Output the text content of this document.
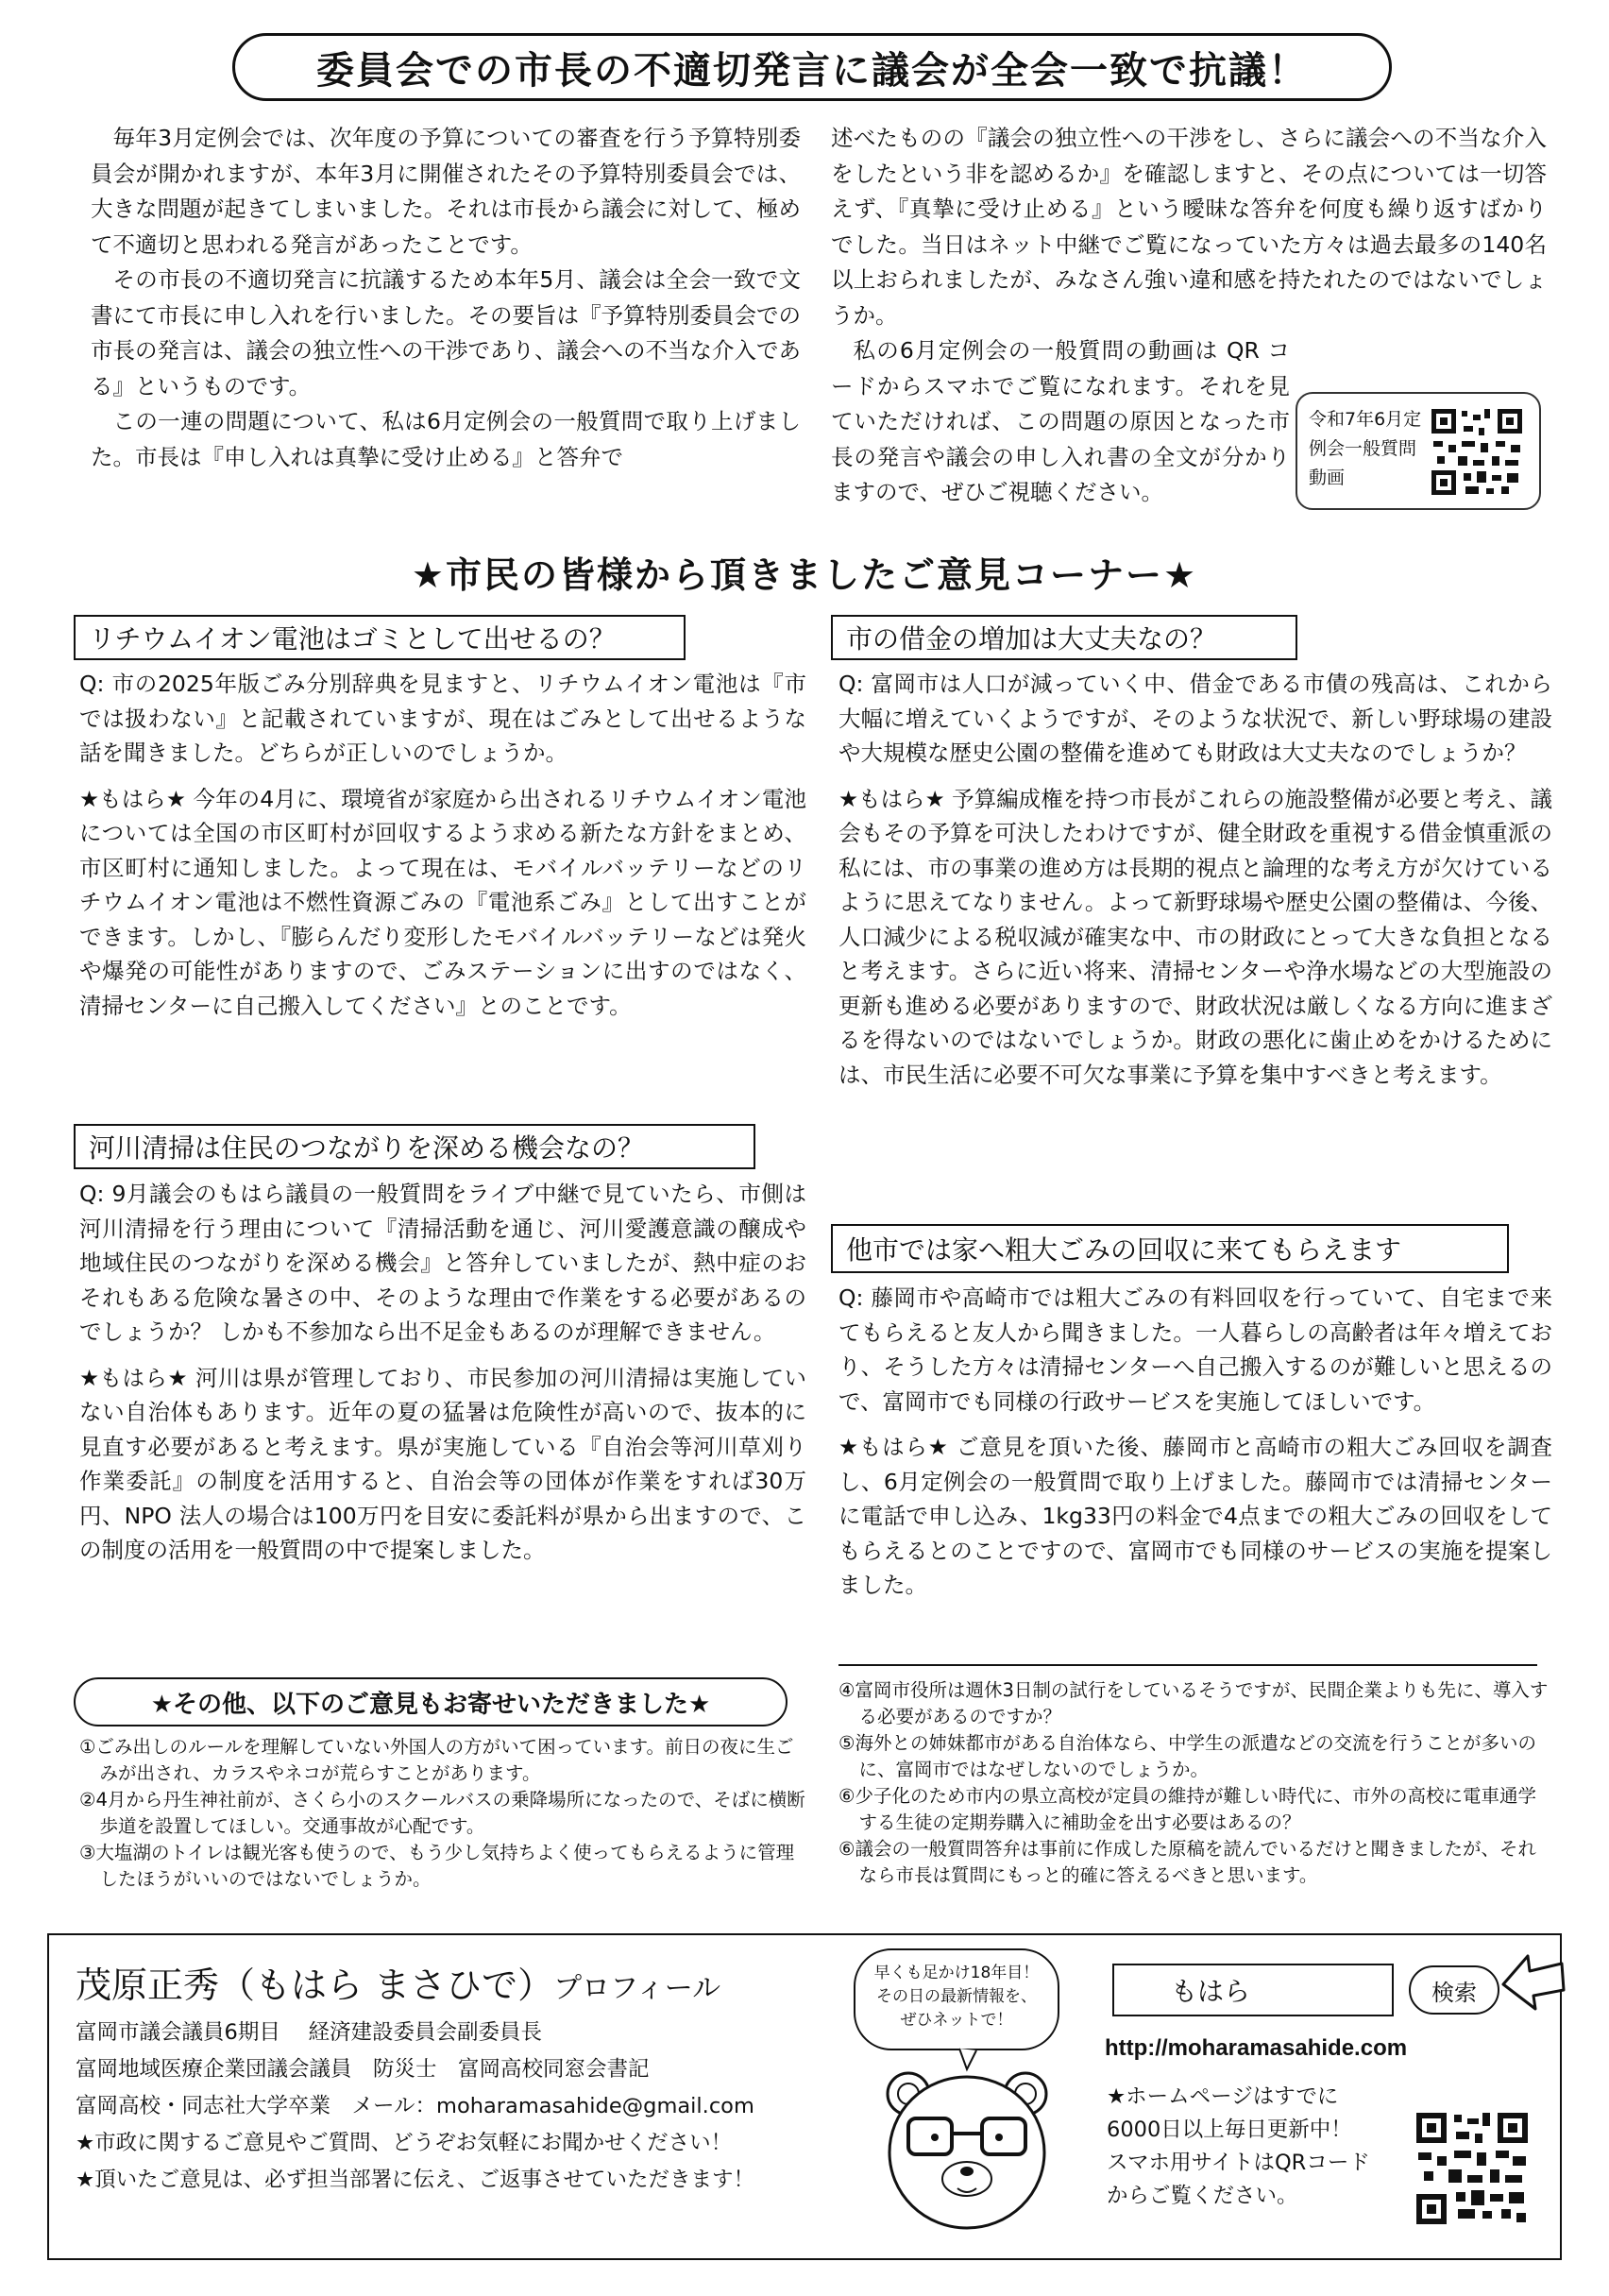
委員会での市長の不適切発言に議会が全会一致で抗議！

毎年3月定例会では、次年度の予算についての審査を行う予算特別委員会が開かれますが、本年3月に開催されたその予算特別委員会では、大きな問題が起きてしまいました。それは市長から議会に対して、極めて不適切と思われる発言があったことです。

その市長の不適切発言に抗議するため本年5月、議会は全会一致で文書にて市長に申し入れを行いました。その要旨は『予算特別委員会での市長の発言は、議会の独立性への干渉であり、議会への不当な介入である』というものです。

この一連の問題について、私は6月定例会の一般質問で取り上げました。市長は『申し入れは真摯に受け止める』と答弁で

述べたものの『議会の独立性への干渉をし、さらに議会への不当な介入をしたという非を認めるか』を確認しますと、その点については一切答えず、『真摯に受け止める』という曖昧な答弁を何度も繰り返すばかりでした。当日はネット中継でご覧になっていた方々は過去最多の140名以上おられましたが、みなさん強い違和感を持たれたのではないでしょうか。

私の6月定例会の一般質問の動画は QR コードからスマホでご覧になれます。それを見ていただければ、この問題の原因となった市長の発言や議会の申し入れ書の全文が分かりますので、ぜひご視聴ください。

令和7年6月定例会一般質問動画
★市民の皆様から頂きましたご意見コーナー★
リチウムイオン電池はゴミとして出せるの？

Q: 市の2025年版ごみ分別辞典を見ますと、リチウムイオン電池は『市では扱わない』と記載されていますが、現在はごみとして出せるような話を聞きました。どちらが正しいのでしょうか。

★もはら★ 今年の4月に、環境省が家庭から出されるリチウムイオン電池については全国の市区町村が回収するよう求める新たな方針をまとめ、市区町村に通知しました。よって現在は、モバイルバッテリーなどのリチウムイオン電池は不燃性資源ごみの『電池系ごみ』として出すことができます。しかし、『膨らんだり変形したモバイルバッテリーなどは発火や爆発の可能性がありますので、ごみステーションに出すのではなく、清掃センターに自己搬入してください』とのことです。

河川清掃は住民のつながりを深める機会なの？

Q: 9月議会のもはら議員の一般質問をライブ中継で見ていたら、市側は河川清掃を行う理由について『清掃活動を通じ、河川愛護意識の醸成や地域住民のつながりを深める機会』と答弁していましたが、熱中症のおそれもある危険な暑さの中、そのような理由で作業をする必要があるのでしょうか？ しかも不参加なら出不足金もあるのが理解できません。

★もはら★ 河川は県が管理しており、市民参加の河川清掃は実施していない自治体もあります。近年の夏の猛暑は危険性が高いので、抜本的に見直す必要があると考えます。県が実施している『自治会等河川草刈り作業委託』の制度を活用すると、自治会等の団体が作業をすれば30万円、NPO 法人の場合は100万円を目安に委託料が県から出ますので、この制度の活用を一般質問の中で提案しました。

市の借金の増加は大丈夫なの？

Q: 富岡市は人口が減っていく中、借金である市債の残高は、これから大幅に増えていくようですが、そのような状況で、新しい野球場の建設や大規模な歴史公園の整備を進めても財政は大丈夫なのでしょうか？

★もはら★ 予算編成権を持つ市長がこれらの施設整備が必要と考え、議会もその予算を可決したわけですが、健全財政を重視する借金慎重派の私には、市の事業の進め方は長期的視点と論理的な考え方が欠けているように思えてなりません。よって新野球場や歴史公園の整備は、今後、人口減少による税収減が確実な中、市の財政にとって大きな負担となると考えます。さらに近い将来、清掃センターや浄水場などの大型施設の更新も進める必要がありますので、財政状況は厳しくなる方向に進まざるを得ないのではないでしょうか。財政の悪化に歯止めをかけるためには、市民生活に必要不可欠な事業に予算を集中すべきと考えます。

他市では家へ粗大ごみの回収に来てもらえます

Q: 藤岡市や高崎市では粗大ごみの有料回収を行っていて、自宅まで来てもらえると友人から聞きました。一人暮らしの高齢者は年々増えており、そうした方々は清掃センターへ自己搬入するのが難しいと思えるので、富岡市でも同様の行政サービスを実施してほしいです。

★もはら★ ご意見を頂いた後、藤岡市と高崎市の粗大ごみ回収を調査し、6月定例会の一般質問で取り上げました。藤岡市では清掃センターに電話で申し込み、1kg33円の料金で4点までの粗大ごみの回収をしてもらえるとのことですので、富岡市でも同様のサービスの実施を提案しました。

★その他、以下のご意見もお寄せいただきました★
①ごみ出しのルールを理解していない外国人の方がいて困っています。前日の夜に生ごみが出され、カラスやネコが荒らすことがあります。
②4月から丹生神社前が、さくら小のスクールバスの乗降場所になったので、そばに横断歩道を設置してほしい。交通事故が心配です。
③大塩湖のトイレは観光客も使うので、もう少し気持ちよく使ってもらえるように管理したほうがいいのではないでしょうか。
④富岡市役所は週休3日制の試行をしているそうですが、民間企業よりも先に、導入する必要があるのですか？
⑤海外との姉妹都市がある自治体なら、中学生の派遣などの交流を行うことが多いのに、富岡市ではなぜしないのでしょうか。
⑥少子化のため市内の県立高校が定員の維持が難しい時代に、市外の高校に電車通学する生徒の定期券購入に補助金を出す必要はあるの？
⑥議会の一般質問答弁は事前に作成した原稿を読んでいるだけと聞きましたが、それなら市長は質問にもっと的確に答えるべきと思います。
茂原正秀（もはら まさひで）プロフィール
富岡市議会議員6期目　 経済建設委員会副委員長
富岡地域医療企業団議会議員　防災士　富岡高校同窓会書記
富岡高校・同志社大学卒業　メール：moharamasahide@gmail.com
★市政に関するご意見やご質問、どうぞお気軽にお聞かせください！
★頂いたご意見は、必ず担当部署に伝え、ご返事させていただきます！
早くも足かけ18年目！
その日の最新情報を、
ぜひネットで！
もはら	検索
http://moharamasahide.com
★ホームページはすでに
6000日以上毎日更新中！
スマホ用サイトはQRコード
からご覧ください。
